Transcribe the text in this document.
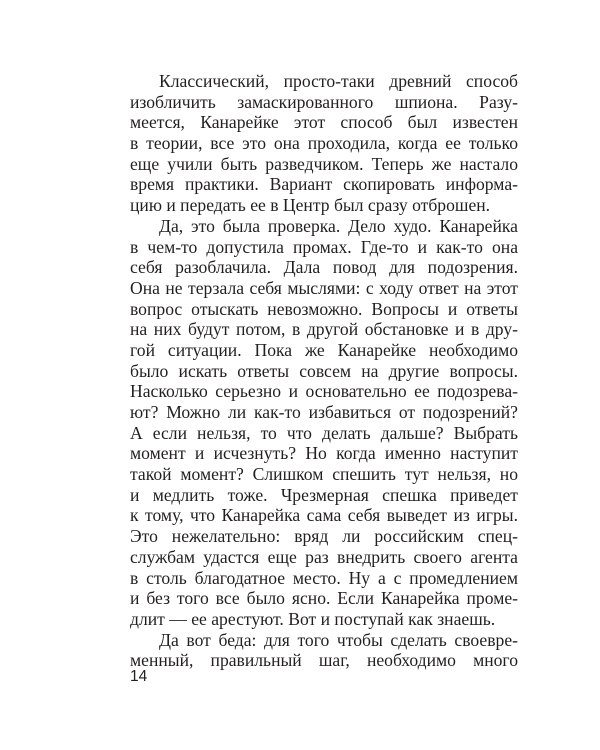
Классический, просто-таки древний способ
изобличить замаскированного шпиона. Разу-
меется, Канарейке этот способ был известен
в теории, все это она проходила, когда ее только
еще учили быть разведчиком. Теперь же настало
время практики. Вариант скопировать информа-
цию и передать ее в Центр был сразу отброшен.
Да, это была проверка. Дело худо. Канарейка
в чем-то допустила промах. Где-то и как-то она
себя разоблачила. Дала повод для подозрения.
Она не терзала себя мыслями: с ходу ответ на этот
вопрос отыскать невозможно. Вопросы и ответы
на них будут потом, в другой обстановке и в дру-
гой ситуации. Пока же Канарейке необходимо
было искать ответы совсем на другие вопросы.
Насколько серьезно и основательно ее подозрева-
ют? Можно ли как-то избавиться от подозрений?
А если нельзя, то что делать дальше? Выбрать
момент и исчезнуть? Но когда именно наступит
такой момент? Слишком спешить тут нельзя, но
и медлить тоже. Чрезмерная спешка приведет
к тому, что Канарейка сама себя выведет из игры.
Это нежелательно: вряд ли российским спец-
службам удастся еще раз внедрить своего агента
в столь благодатное место. Ну а с промедлением
и без того все было ясно. Если Канарейка проме-
длит — ее арестуют. Вот и поступай как знаешь.
Да вот беда: для того чтобы сделать своевре-
менный, правильный шаг, необходимо много
14
